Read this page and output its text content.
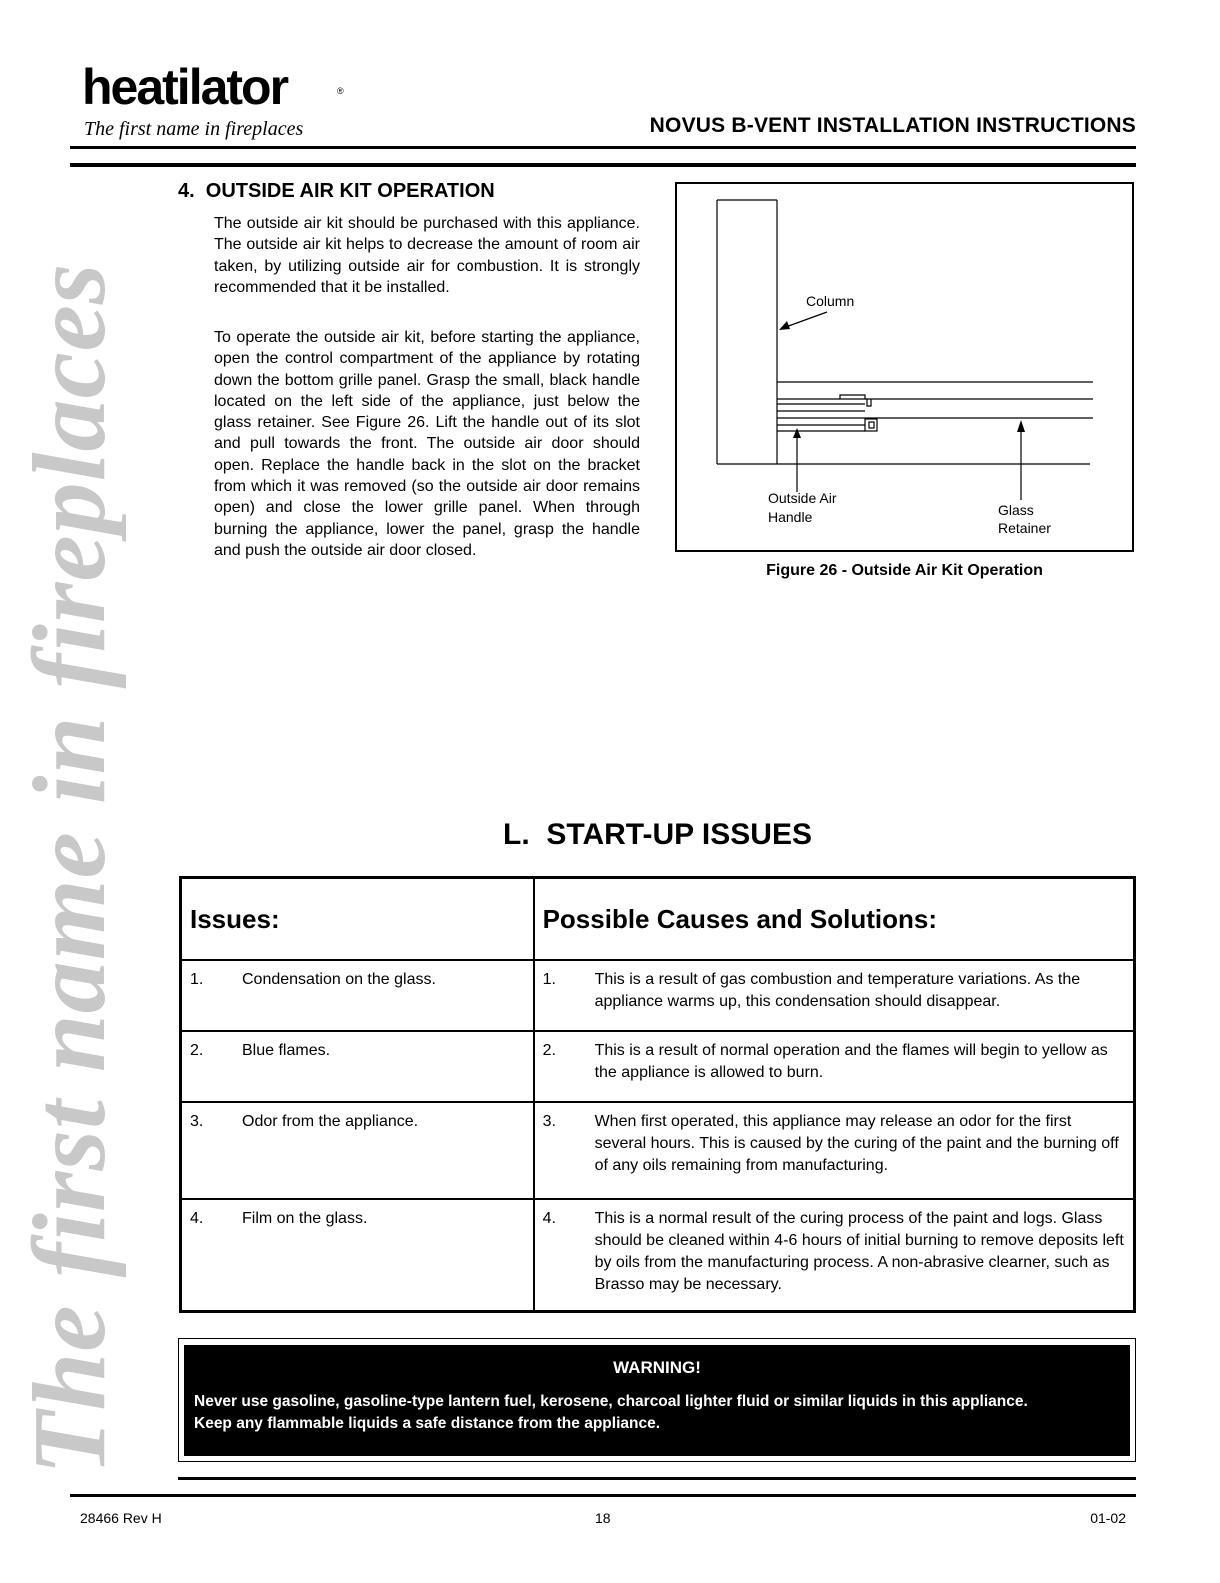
heatilator	®
The first name in fireplaces	NOVUS B-VENT INSTALLATION INSTRUCTIONS
The first name in fireplaces
4.  OUTSIDE AIR KIT OPERATION
The outside air kit should be purchased with this appliance. The outside air kit helps to decrease the amount of room air taken, by utilizing outside air for combustion. It is strongly recommended that it be installed.
To operate the outside air kit, before starting the appliance, open the control compartment of the appliance by rotating down the bottom grille panel. Grasp the small, black handle located on the left side of the appliance, just below the glass retainer. See Figure 26. Lift the handle out of its slot and pull towards the front. The outside air door should open. Replace the handle back in the slot on the bracket from which it was removed (so the outside air door remains open) and close the lower grille panel. When through burning the appliance, lower the panel, grasp the handle and push the outside air door closed.
Column
Outside Air
Handle	Glass
Retainer
Figure 26 - Outside Air Kit Operation
L.  START-UP ISSUES
Issues:	Possible Causes and Solutions:

1. Condensation on the glass.	1. This is a result of gas combustion and temperature variations. As the appliance warms up, this condensation should disappear.

2. Blue flames.	2. This is a result of normal operation and the flames will begin to yellow as the appliance is allowed to burn.

3. Odor from the appliance.	3. When first operated, this appliance may release an odor for the first several hours. This is caused by the curing of the paint and the burning off of any oils remaining from manufacturing.

4. Film on the glass.	4. This is a normal result of the curing process of the paint and logs. Glass should be cleaned within 4-6 hours of initial burning to remove deposits left by oils from the manufacturing process. A non-abrasive clearner, such as Brasso may be necessary.
WARNING!
Never use gasoline, gasoline-type lantern fuel, kerosene, charcoal lighter fluid or similar liquids in this appliance.
Keep any flammable liquids a safe distance from the appliance.
28466 Rev H	18	01-02
